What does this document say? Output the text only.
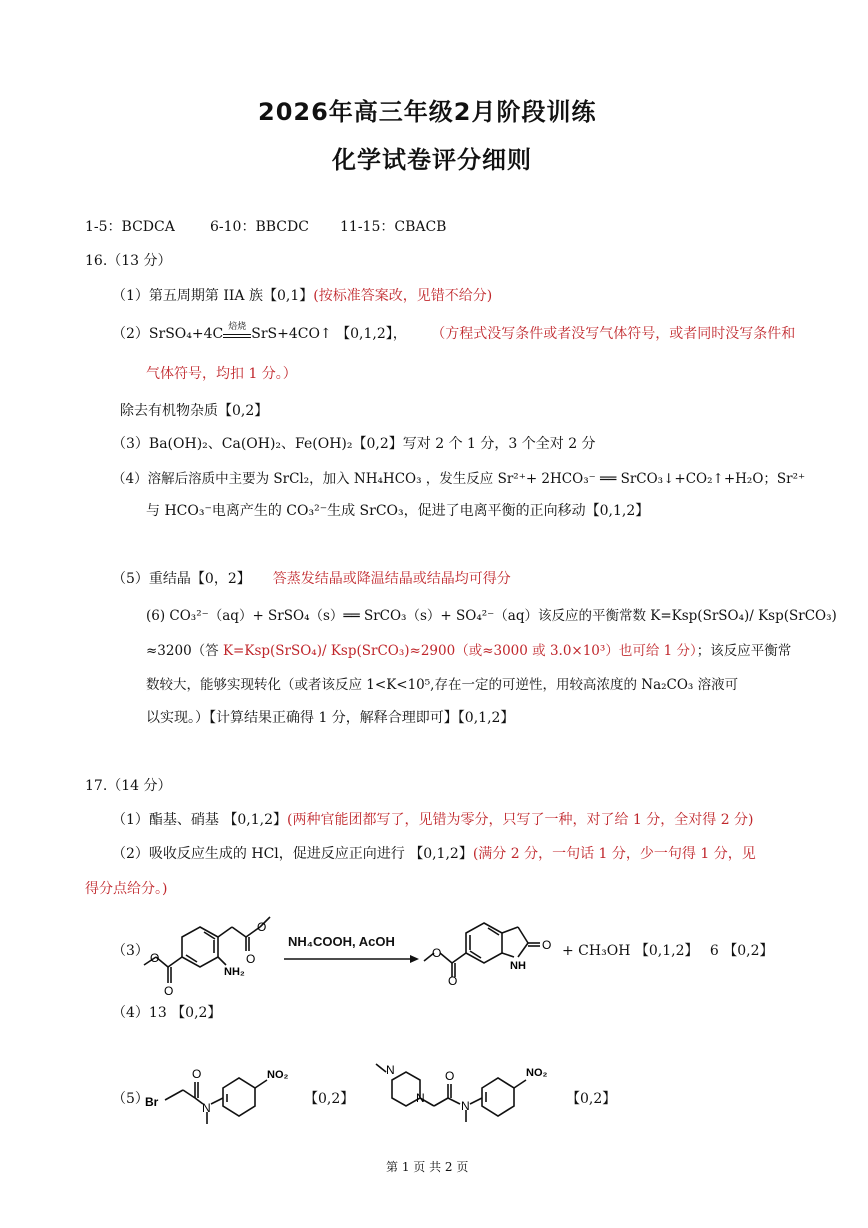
2026年高三年级2月阶段训练
化学试卷评分细则
1-5：BCDCA	6-10：BBCDC 11-15：CBACB
16.（13 分）
（1）第五周期第 IIA 族【0,1】(按标准答案改，见错不给分)
（2）SrSO₄+4C 焙烧 SrS+4CO↑ 【0,1,2】， （方程式没写条件或者没写气体符号，或者同时没写条件和
气体符号，均扣 1 分。）
除去有机物杂质【0,2】
（3）Ba(OH)₂、Ca(OH)₂、Fe(OH)₂【0,2】写对 2 个 1 分，3 个全对 2 分
（4）溶解后溶质中主要为 SrCl₂，加入 NH₄HCO₃ ，发生反应 Sr²⁺+ 2HCO₃⁻ ══ SrCO₃↓+CO₂↑+H₂O；Sr²⁺
与 HCO₃⁻电离产生的 CO₃²⁻生成 SrCO₃，促进了电离平衡的正向移动【0,1,2】
（5）重结晶【0，2】 答蒸发结晶或降温结晶或结晶均可得分
(6) CO₃²⁻（aq）+ SrSO₄（s）══ SrCO₃（s）+ SO₄²⁻（aq）该反应的平衡常数 K=Ksp(SrSO₄)/ Ksp(SrCO₃)
≈3200（答 K=Ksp(SrSO₄)/ Ksp(SrCO₃)≈2900（或≈3000 或 3.0×10³）也可给 1 分）；该反应平衡常
数较大，能够实现转化（或者该反应 1<K<10⁵,存在一定的可逆性，用较高浓度的 Na₂CO₃ 溶液可
以实现。）【计算结果正确得 1 分，解释合理即可】【0,1,2】
17.（14 分）
（1）酯基、硝基 【0,1,2】(两种官能团都写了，见错为零分，只写了一种，对了给 1 分，全对得 2 分)
（2）吸收反应生成的 HCl，促进反应正向进行 【0,1,2】(满分 2 分，一句话 1 分，少一句得 1 分，见
得分点给分。)
（3）	O
O
O
O
NH₂
NH₄COOH, AcOH	O
O
O
NH
+ CH₃OH 【0,1,2】　 6 【0,2】
（4）13 【0,2】
（5）
Br
O
N
NO₂
【0,2】
N
N
O
N
NO₂
【0,2】
第 1 页 共 2 页
